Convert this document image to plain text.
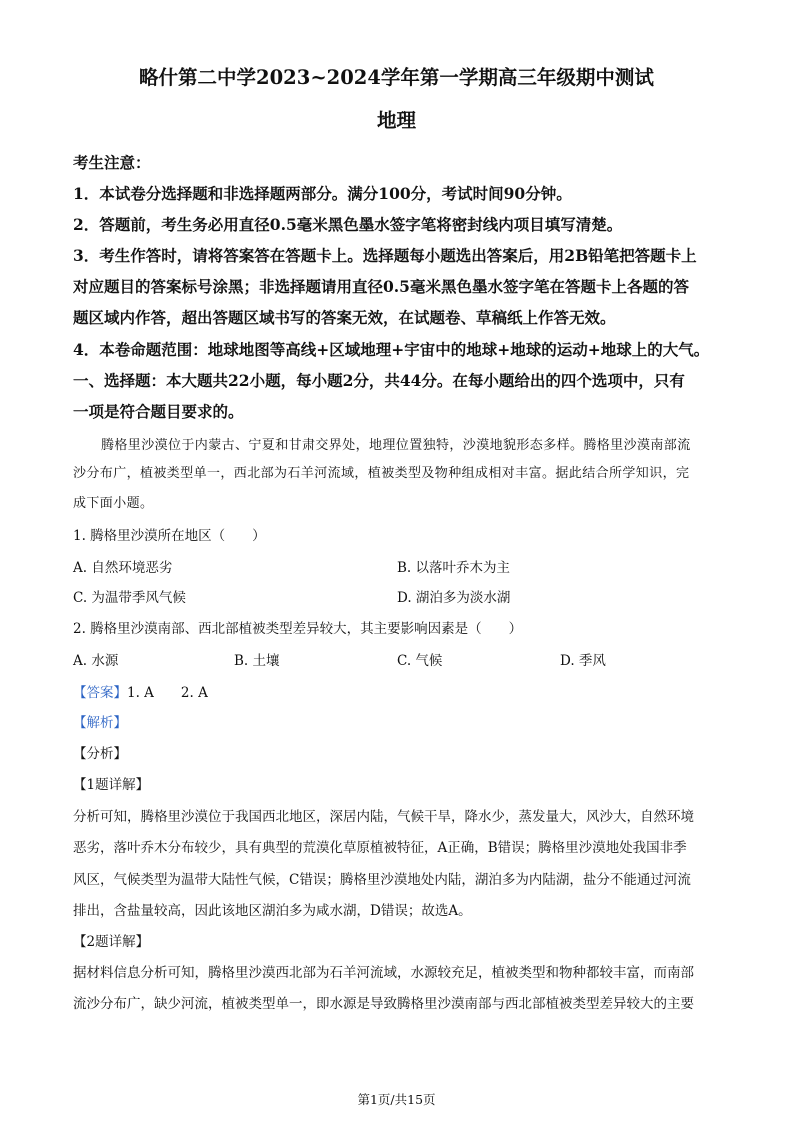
略什第二中学2023~2024学年第一学期高三年级期中测试
地理
考生注意：
1．本试卷分选择题和非选择题两部分。满分100分，考试时间90分钟。
2．答题前，考生务必用直径0.5毫米黑色墨水签字笔将密封线内项目填写清楚。
3．考生作答时，请将答案答在答题卡上。选择题每小题选出答案后，用2B铅笔把答题卡上
对应题目的答案标号涂黑；非选择题请用直径0.5毫米黑色墨水签字笔在答题卡上各题的答
题区域内作答，超出答题区域书写的答案无效，在试题卷、草稿纸上作答无效。
4．本卷命题范围：地球地图等高线+区域地理+宇宙中的地球+地球的运动+地球上的大气。
一、选择题：本大题共22小题，每小题2分，共44分。在每小题给出的四个选项中，只有
一项是符合题目要求的。
腾格里沙漠位于内蒙古、宁夏和甘肃交界处，地理位置独特，沙漠地貌形态多样。腾格里沙漠南部流
沙分布广，植被类型单一，西北部为石羊河流域，植被类型及物种组成相对丰富。据此结合所学知识，完
成下面小题。
1. 腾格里沙漠所在地区（　　）
A. 自然环境恶劣	B. 以落叶乔木为主
C. 为温带季风气候	D. 湖泊多为淡水湖
2. 腾格里沙漠南部、西北部植被类型差异较大，其主要影响因素是（　　）
A. 水源	B. 土壤	C. 气候	D. 季风
【答案】1. A　　2. A
【解析】
【分析】
【1题详解】
分析可知，腾格里沙漠位于我国西北地区，深居内陆，气候干旱，降水少，蒸发量大，风沙大，自然环境
恶劣，落叶乔木分布较少，具有典型的荒漠化草原植被特征，A正确，B错误；腾格里沙漠地处我国非季
风区，气候类型为温带大陆性气候，C错误；腾格里沙漠地处内陆，湖泊多为内陆湖，盐分不能通过河流
排出，含盐量较高，因此该地区湖泊多为咸水湖，D错误；故选A。
【2题详解】
据材料信息分析可知，腾格里沙漠西北部为石羊河流域，水源较充足，植被类型和物种都较丰富，而南部
流沙分布广，缺少河流，植被类型单一，即水源是导致腾格里沙漠南部与西北部植被类型差异较大的主要
第1页/共15页
